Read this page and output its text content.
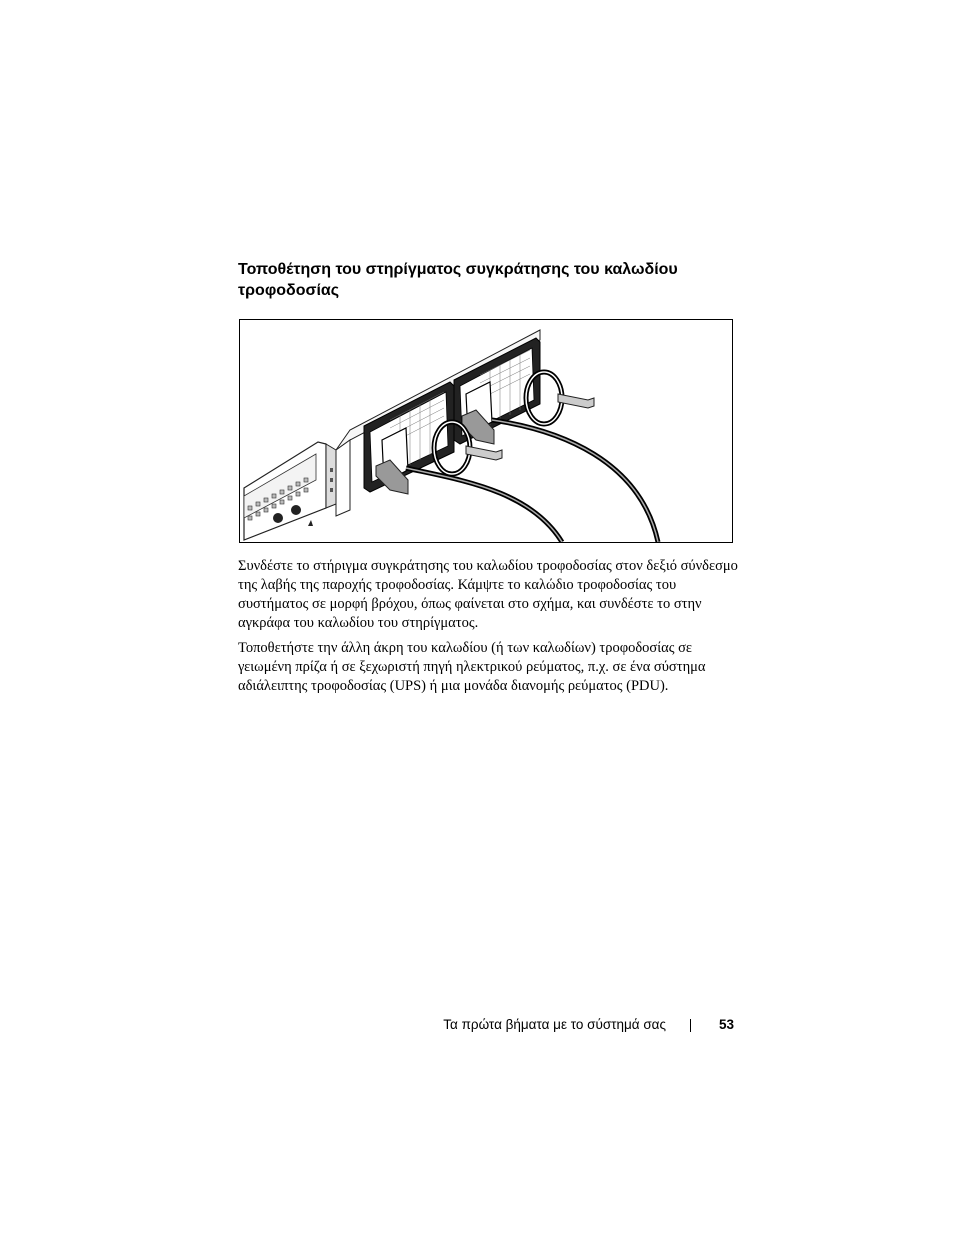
Τοποθέτηση του στηρίγματος συγκράτησης του καλωδίου τροφοδοσίας

Συνδέστε το στήριγμα συγκράτησης του καλωδίου τροφοδοσίας στον δεξιό σύνδεσμο της λαβής της παροχής τροφοδοσίας. Κάμψτε το καλώδιο τροφοδοσίας του συστήματος σε μορφή βρόχου, όπως φαίνεται στο σχήμα, και συνδέστε το στην αγκράφα του καλωδίου του στηρίγματος.

Τοποθετήστε την άλλη άκρη του καλωδίου (ή των καλωδίων) τροφοδοσίας σε γειωμένη πρίζα ή σε ξεχωριστή πηγή ηλεκτρικού ρεύματος, π.χ. σε ένα σύστημα αδιάλειπτης τροφοδοσίας (UPS) ή μια μονάδα διανομής ρεύματος (PDU).

Τα πρώτα βήματα με το σύστημά σας	53
